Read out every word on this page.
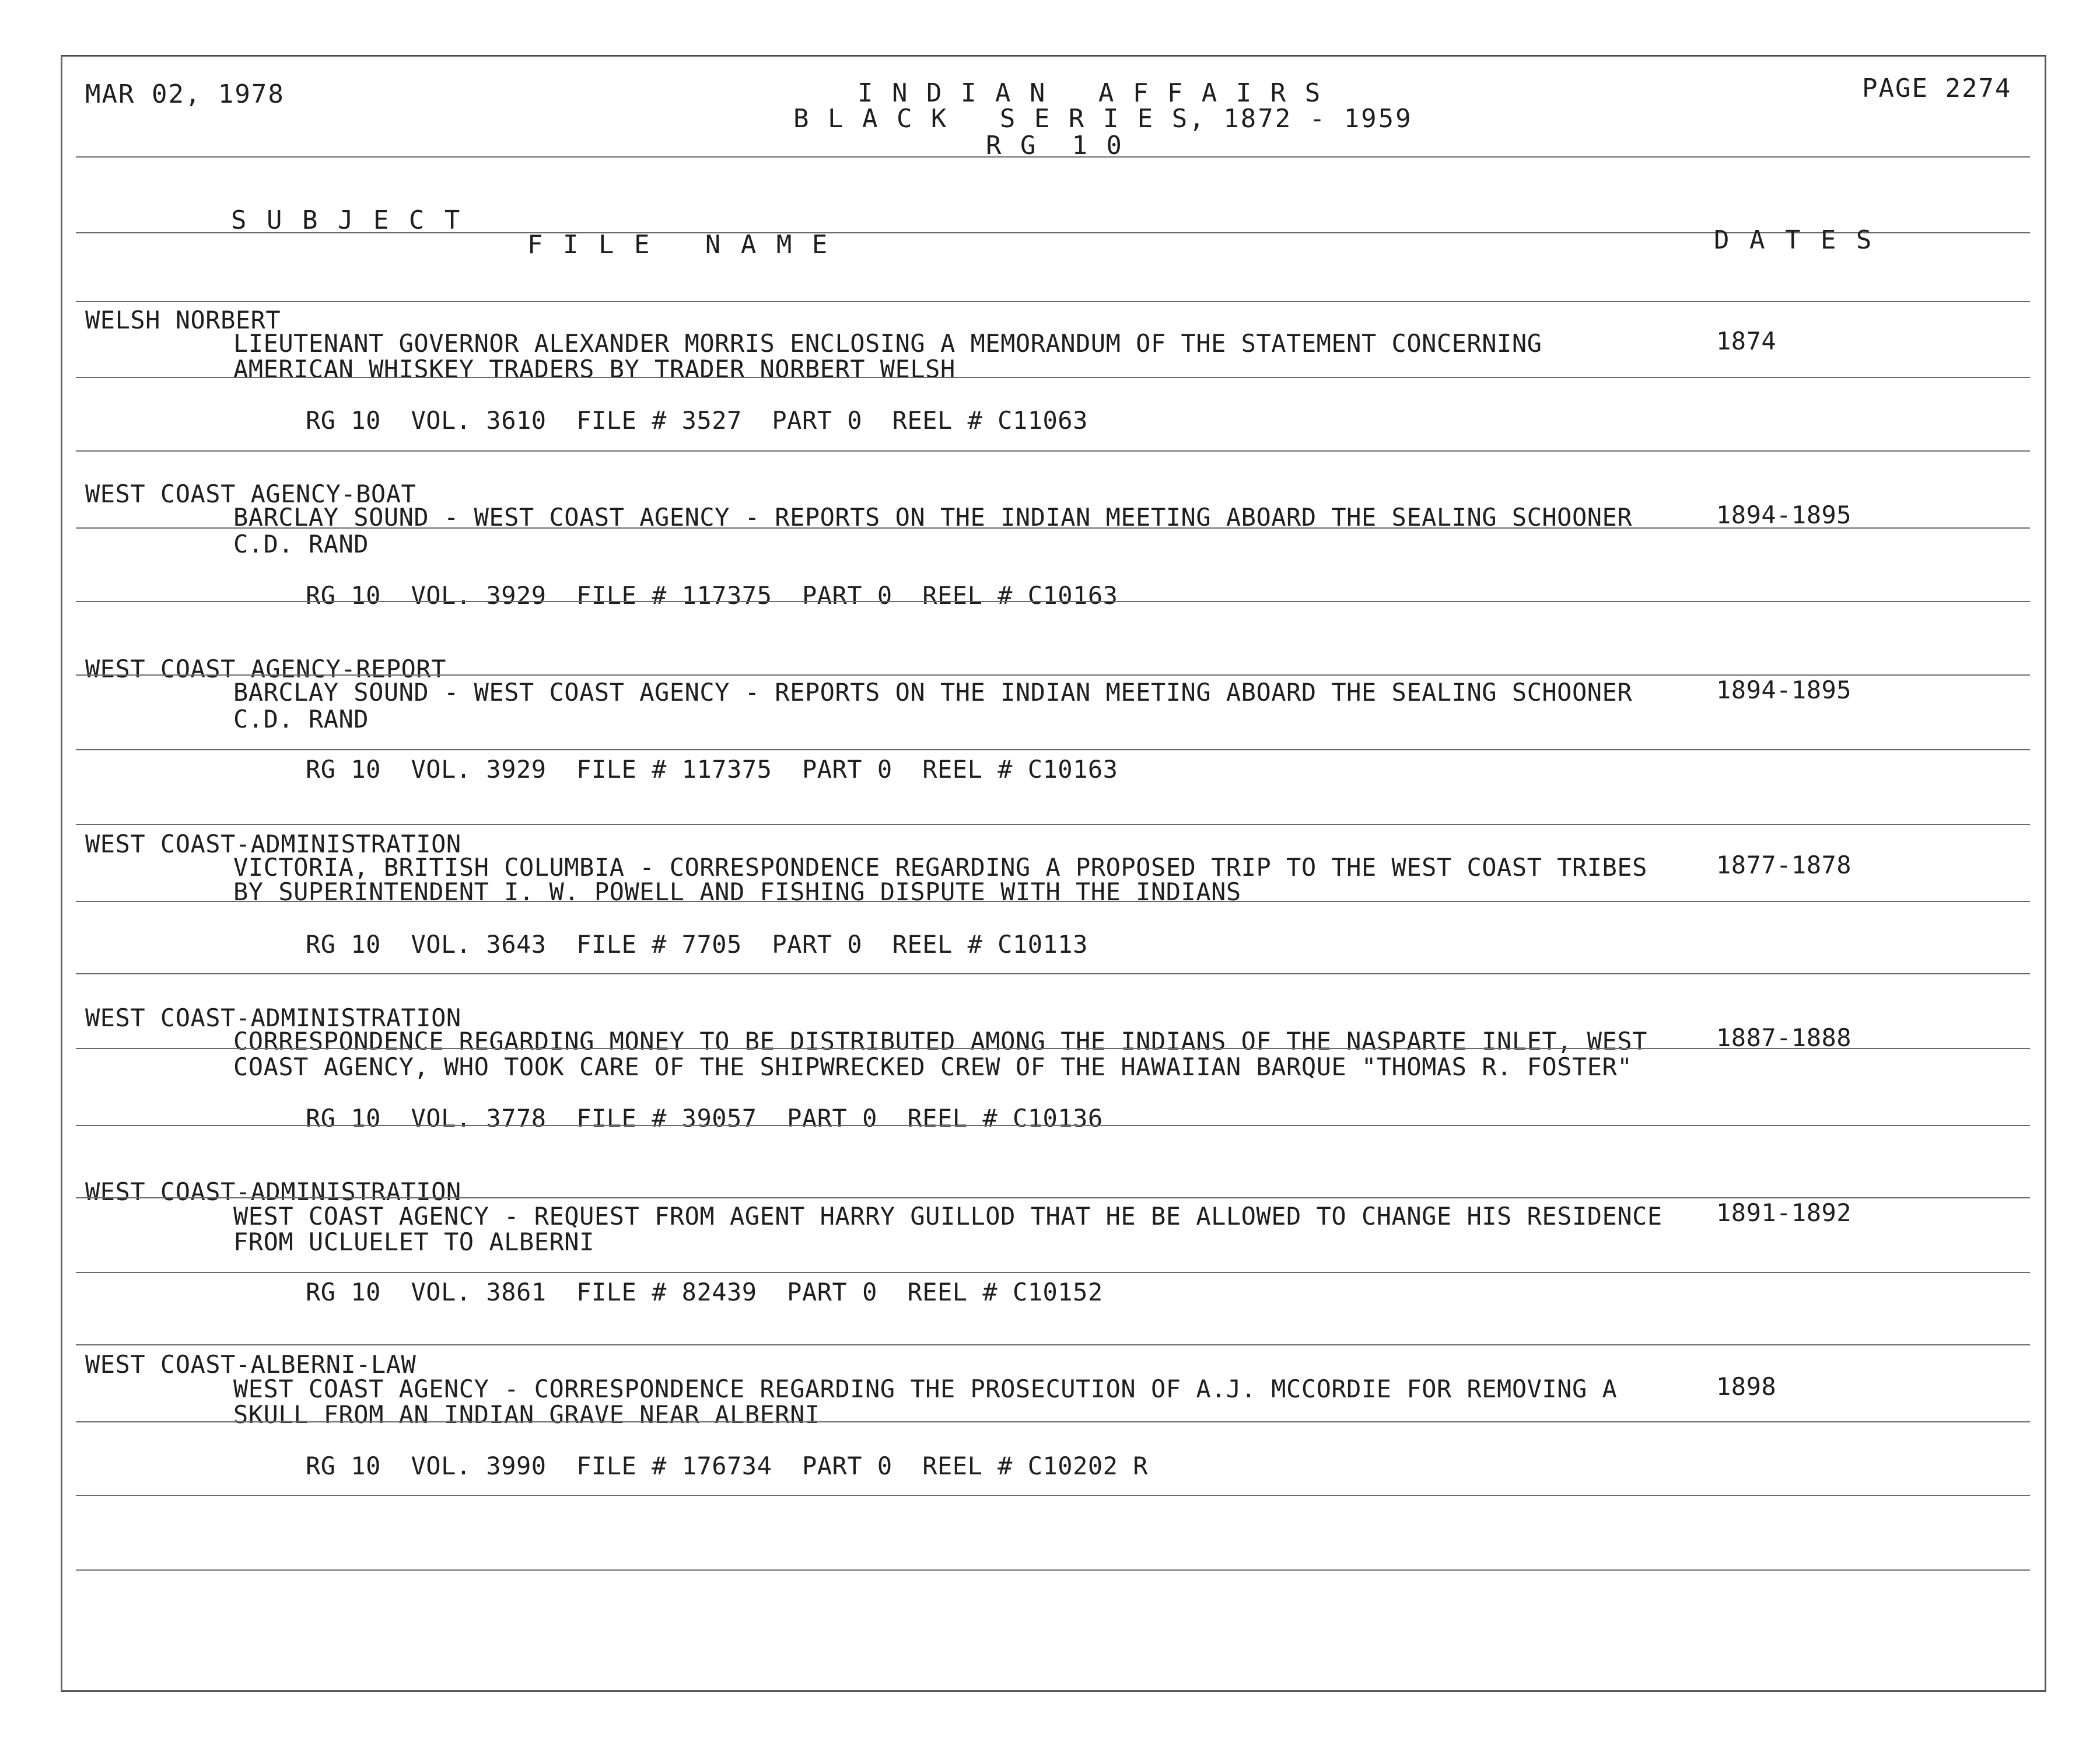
MAR 02, 1978	I N D I A N   A F F A I R S
B L A C K   S E R I E S, 1872 - 1959
R G  1 0
PAGE 2274
S U B J E C T
F I L E   N A M E	D A T E S
WELSH NORBERT
LIEUTENANT GOVERNOR ALEXANDER MORRIS ENCLOSING A MEMORANDUM OF THE STATEMENT CONCERNING
AMERICAN WHISKEY TRADERS BY TRADER NORBERT WELSH
1874
RG 10  VOL. 3610  FILE # 3527  PART 0  REEL # C11063
WEST COAST AGENCY-BOAT
BARCLAY SOUND - WEST COAST AGENCY - REPORTS ON THE INDIAN MEETING ABOARD THE SEALING SCHOONER
C.D. RAND
1894-1895
RG 10  VOL. 3929  FILE # 117375  PART 0  REEL # C10163
WEST COAST AGENCY-REPORT
BARCLAY SOUND - WEST COAST AGENCY - REPORTS ON THE INDIAN MEETING ABOARD THE SEALING SCHOONER
C.D. RAND
1894-1895
RG 10  VOL. 3929  FILE # 117375  PART 0  REEL # C10163
WEST COAST-ADMINISTRATION
VICTORIA, BRITISH COLUMBIA - CORRESPONDENCE REGARDING A PROPOSED TRIP TO THE WEST COAST TRIBES
BY SUPERINTENDENT I. W. POWELL AND FISHING DISPUTE WITH THE INDIANS
1877-1878
RG 10  VOL. 3643  FILE # 7705  PART 0  REEL # C10113
WEST COAST-ADMINISTRATION
CORRESPONDENCE REGARDING MONEY TO BE DISTRIBUTED AMONG THE INDIANS OF THE NASPARTE INLET, WEST
COAST AGENCY, WHO TOOK CARE OF THE SHIPWRECKED CREW OF THE HAWAIIAN BARQUE "THOMAS R. FOSTER"
1887-1888
RG 10  VOL. 3778  FILE # 39057  PART 0  REEL # C10136
WEST COAST-ADMINISTRATION
WEST COAST AGENCY - REQUEST FROM AGENT HARRY GUILLOD THAT HE BE ALLOWED TO CHANGE HIS RESIDENCE
FROM UCLUELET TO ALBERNI
1891-1892
RG 10  VOL. 3861  FILE # 82439  PART 0  REEL # C10152
WEST COAST-ALBERNI-LAW
WEST COAST AGENCY - CORRESPONDENCE REGARDING THE PROSECUTION OF A.J. MCCORDIE FOR REMOVING A
SKULL FROM AN INDIAN GRAVE NEAR ALBERNI
1898
RG 10  VOL. 3990  FILE # 176734  PART 0  REEL # C10202 R
